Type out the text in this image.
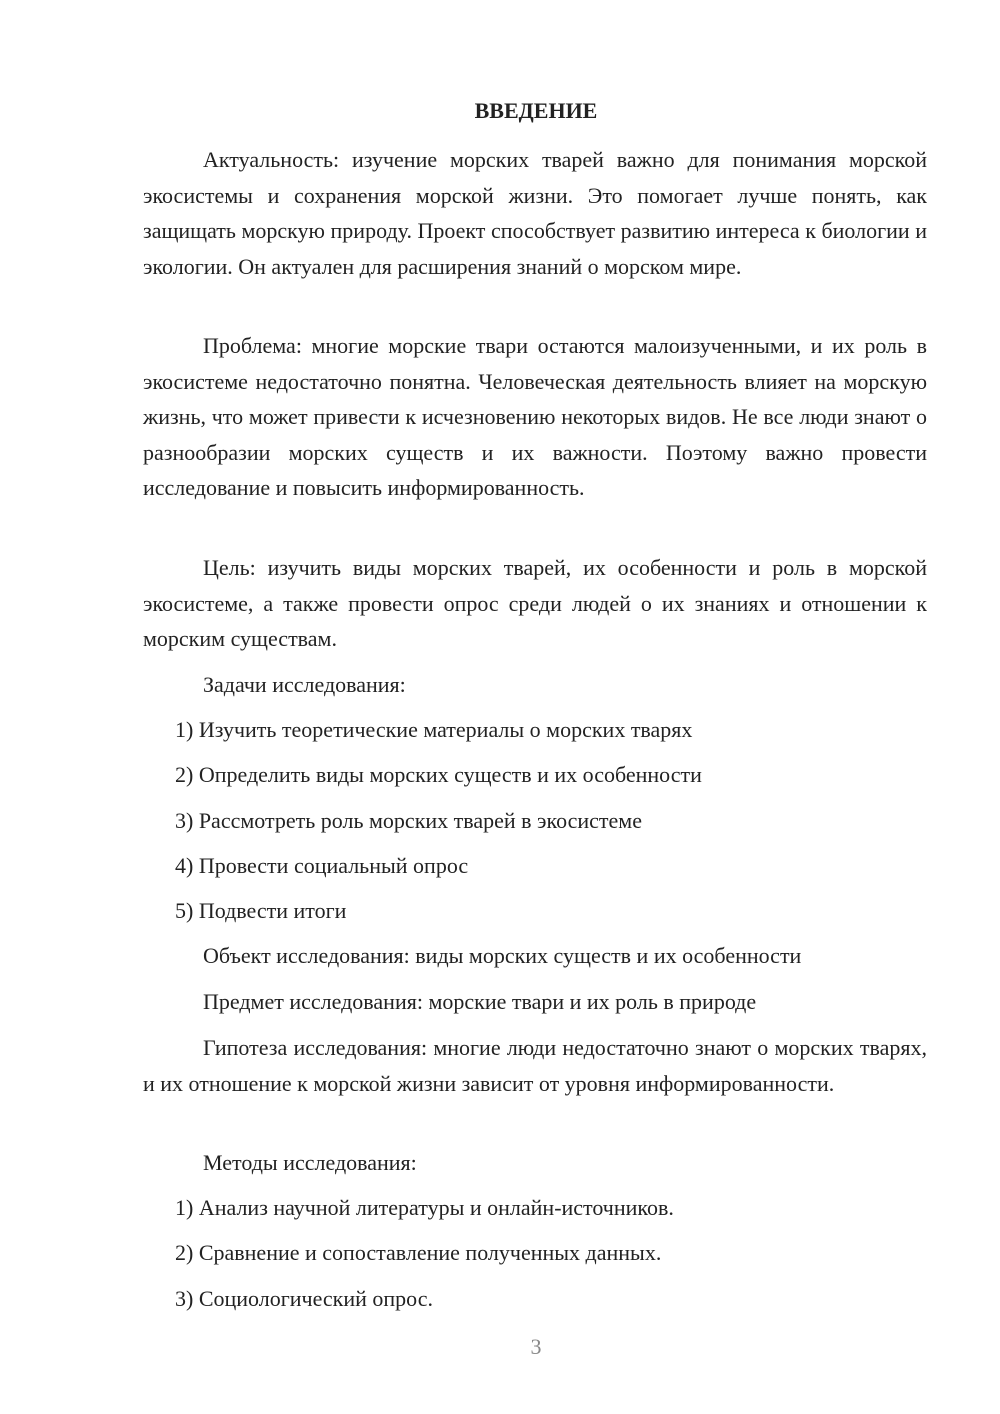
ВВЕДЕНИЕ

Актуальность: изучение морских тварей важно для понимания морской экосистемы и сохранения морской жизни. Это помогает лучше понять, как защищать морскую природу. Проект способствует развитию интереса к биологии и экологии. Он актуален для расширения знаний о морском мире.

Проблема: многие морские твари остаются малоизученными, и их роль в экосистеме недостаточно понятна. Человеческая деятельность влияет на морскую жизнь, что может привести к исчезновению некоторых видов. Не все люди знают о разнообразии морских существ и их важности. Поэтому важно провести исследование и повысить информированность.

Цель: изучить виды морских тварей, их особенности и роль в морской экосистеме, а также провести опрос среди людей о их знаниях и отношении к морским существам.

Задачи исследования:
1) Изучить теоретические материалы о морских тварях
2) Определить виды морских существ и их особенности
3) Рассмотреть роль морских тварей в экосистеме
4) Провести социальный опрос
5) Подвести итоги
Объект исследования: виды морских существ и их особенности
Предмет исследования: морские твари и их роль в природе

Гипотеза исследования: многие люди недостаточно знают о морских тварях, и их отношение к морской жизни зависит от уровня информированности.

Методы исследования:
1) Анализ научной литературы и онлайн-источников.
2) Сравнение и сопоставление полученных данных.
3) Социологический опрос.
3
